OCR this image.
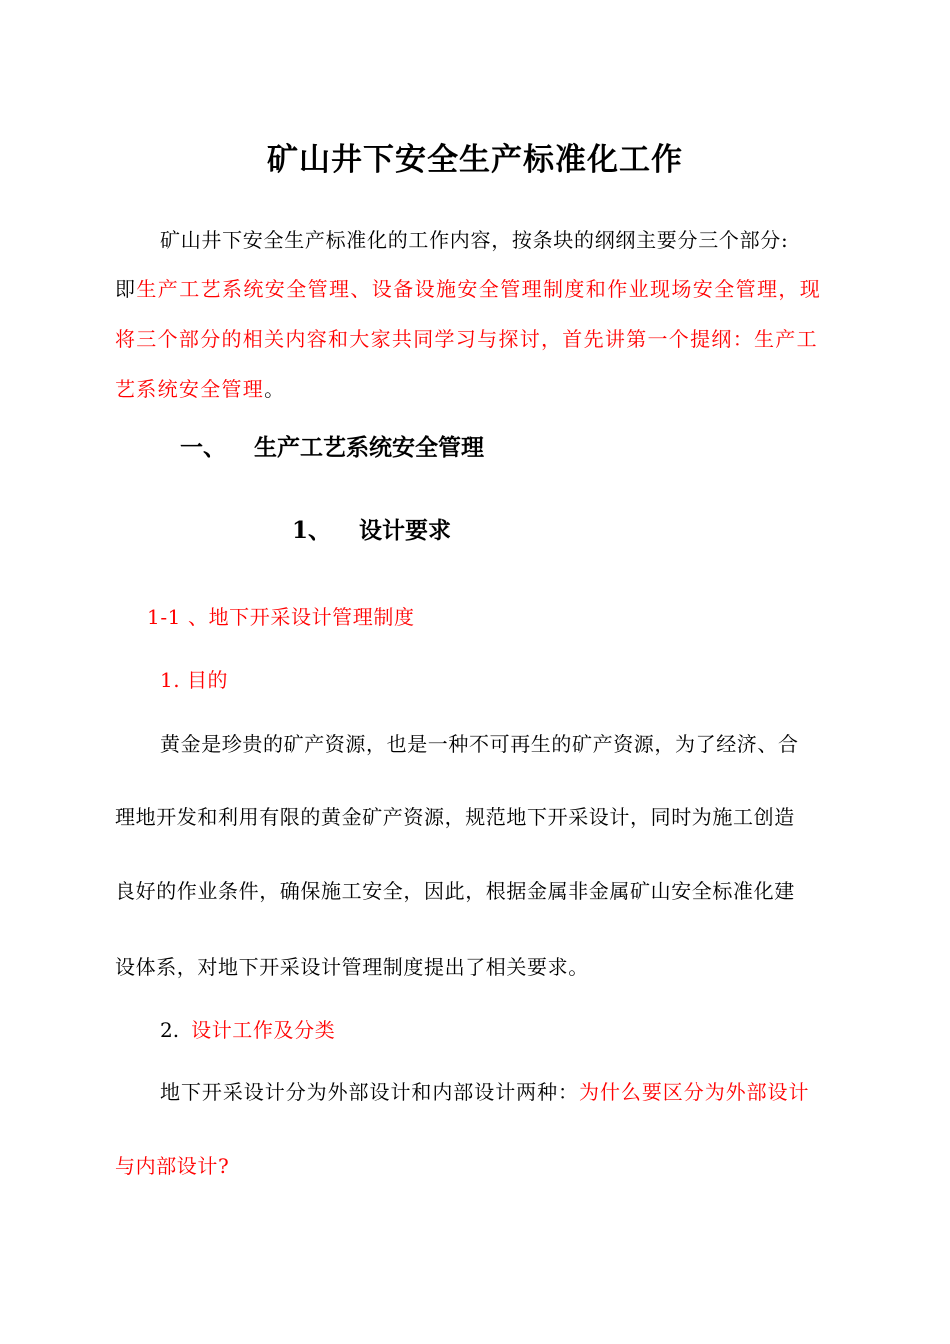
矿山井下安全生产标准化工作
矿山井下安全生产标准化的工作内容，按条块的纲纲主要分三个部分:
即生产工艺系统安全管理、设备设施安全管理制度和作业现场安全管理，现
将三个部分的相关内容和大家共同学习与探讨，首先讲第一个提纲：生产工
艺系统安全管理。
一、 生产工艺系统安全管理
1、 设计要求
1-1 、地下开采设计管理制度
1. 目的
黄金是珍贵的矿产资源，也是一种不可再生的矿产资源，为了经济、合
理地开发和利用有限的黄金矿产资源，规范地下开采设计，同时为施工创造
良好的作业条件，确保施工安全，因此，根据金属非金属矿山安全标准化建
设体系，对地下开采设计管理制度提出了相关要求。
2. 设计工作及分类
地下开采设计分为外部设计和内部设计两种：为什么要区分为外部设计
与内部设计?
